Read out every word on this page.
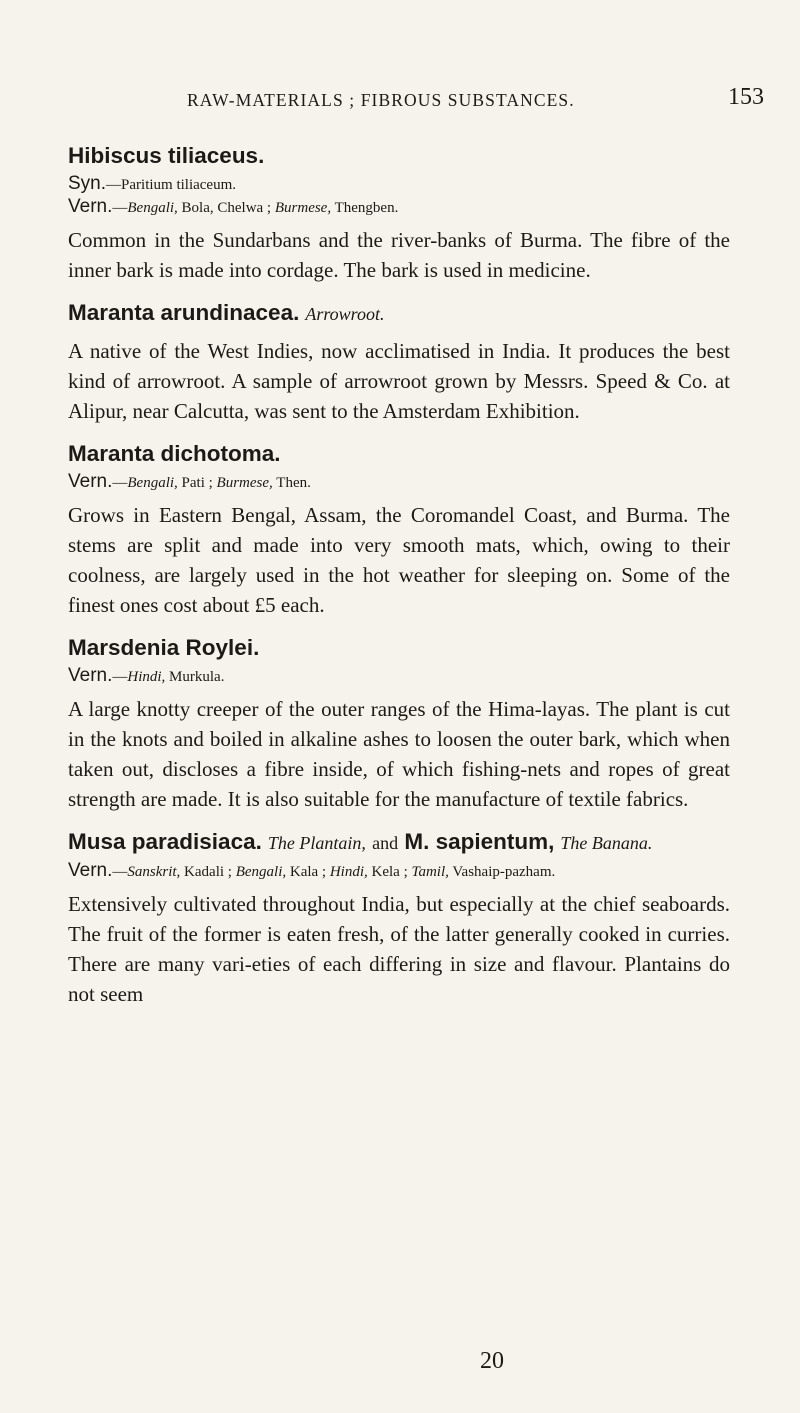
RAW-MATERIALS ; FIBROUS SUBSTANCES.	153

Hibiscus tiliaceus.

Syn.—Paritium tiliaceum.

Vern.—Bengali, Bola, Chelwa ; Burmese, Thengben.

Common in the Sundarbans and the river-banks of Burma. The fibre of the inner bark is made into cordage. The bark is used in medicine.

Maranta arundinacea. Arrowroot.

A native of the West Indies, now acclimatised in India. It produces the best kind of arrowroot. A sample of arrowroot grown by Messrs. Speed & Co. at Alipur, near Calcutta, was sent to the Amsterdam Exhibition.

Maranta dichotoma.

Vern.—Bengali, Pati ; Burmese, Then.

Grows in Eastern Bengal, Assam, the Coromandel Coast, and Burma. The stems are split and made into very smooth mats, which, owing to their coolness, are largely used in the hot weather for sleeping on. Some of the finest ones cost about £5 each.

Marsdenia Roylei.

Vern.—Hindi, Murkula.

A large knotty creeper of the outer ranges of the Hima-layas. The plant is cut in the knots and boiled in alkaline ashes to loosen the outer bark, which when taken out, discloses a fibre inside, of which fishing-nets and ropes of great strength are made. It is also suitable for the manufacture of textile fabrics.

Musa paradisiaca. The Plantain, and M. sapientum, The Banana.

Vern.—Sanskrit, Kadali ; Bengali, Kala ; Hindi, Kela ; Tamil, Vashaip-pazham.

Extensively cultivated throughout India, but especially at the chief seaboards. The fruit of the former is eaten fresh, of the latter generally cooked in curries. There are many vari-eties of each differing in size and flavour. Plantains do not seem

20
